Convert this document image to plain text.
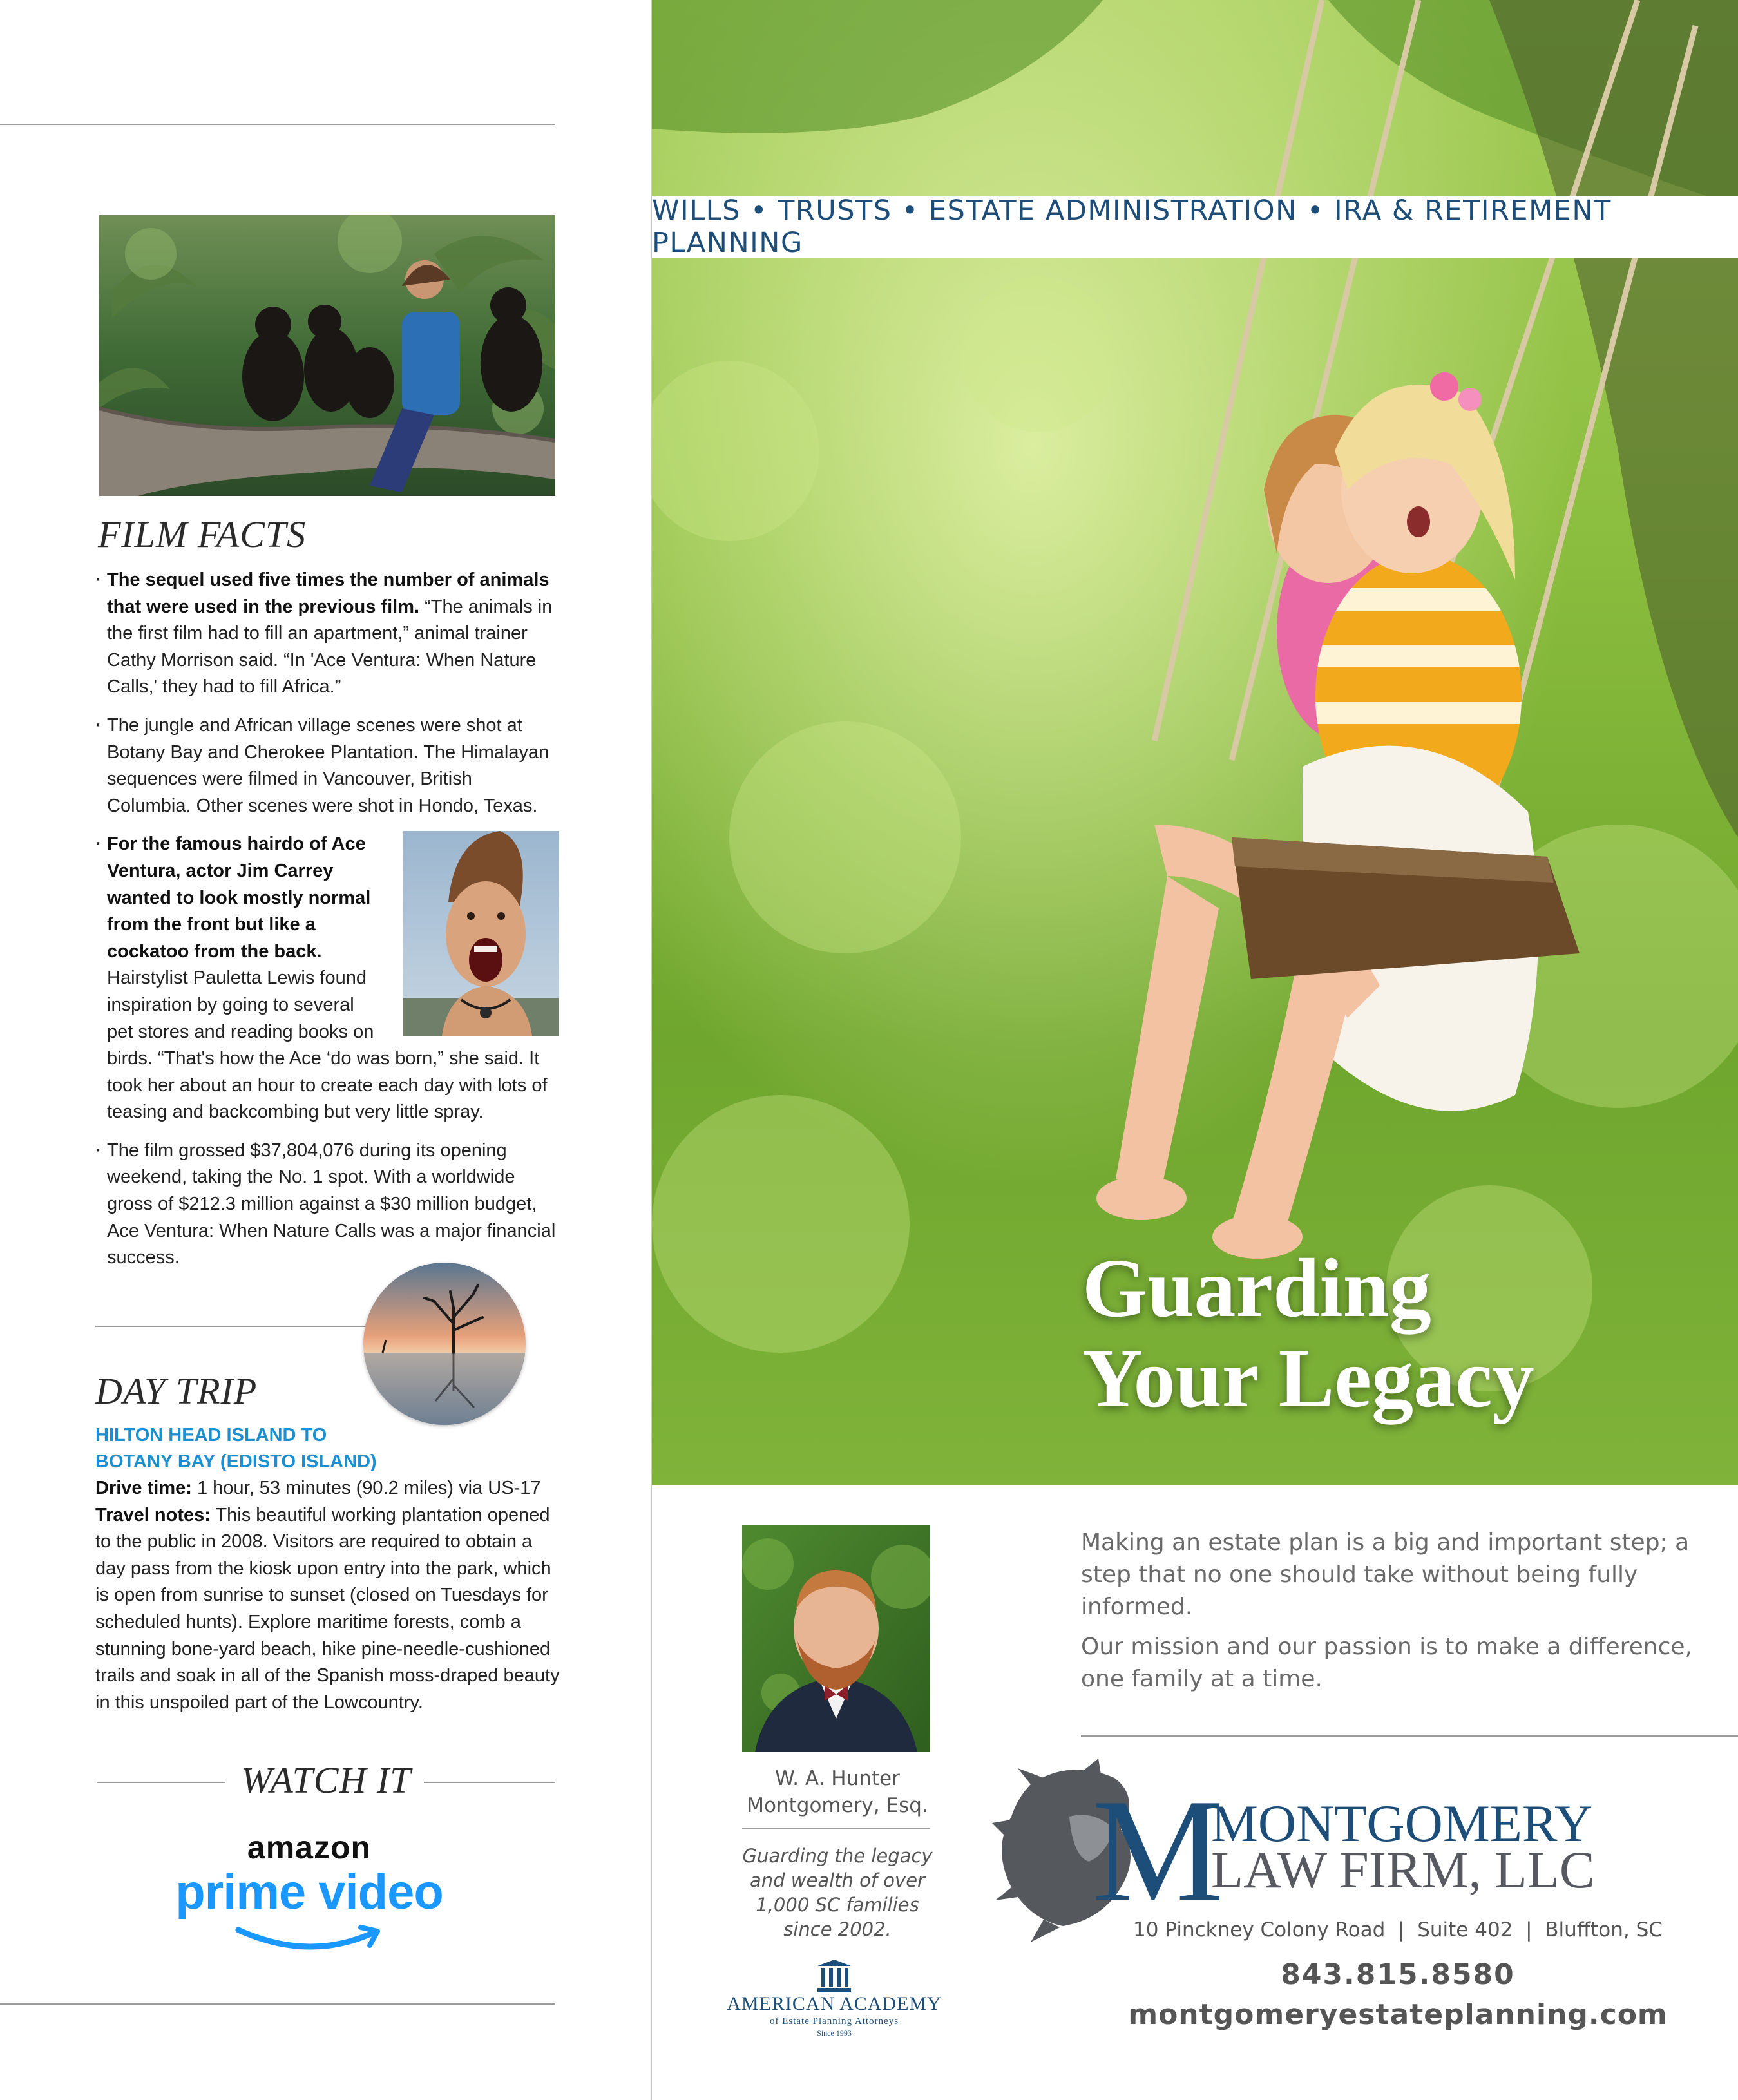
FILM FACTS
· The sequel used five times the number of animals that were used in the previous film. “The animals in the first film had to fill an apartment,” animal trainer Cathy Morrison said. “In 'Ace Ventura: When Nature Calls,' they had to fill Africa.”
· The jungle and African village scenes were shot at Botany Bay and Cherokee Plantation. The Himalayan sequences were filmed in Vancouver, British Columbia. Other scenes were shot in Hondo, Texas.
· For the famous hairdo of Ace Ventura, actor Jim Carrey wanted to look mostly normal from the front but like a cockatoo from the back. Hairstylist Pauletta Lewis found inspiration by going to several pet stores and reading books on birds. “That's how the Ace ‘do was born,” she said. It took her about an hour to create each day with lots of teasing and backcombing but very little spray.
· The film grossed $37,804,076 during its opening weekend, taking the No. 1 spot. With a worldwide gross of $212.3 million against a $30 million budget, Ace Ventura: When Nature Calls was a major financial success.
DAY TRIP
HILTON HEAD ISLAND TO BOTANY BAY (EDISTO ISLAND)
Drive time: 1 hour, 53 minutes (90.2 miles) via US-17
Travel notes: This beautiful working plantation opened to the public in 2008. Visitors are required to obtain a day pass from the kiosk upon entry into the park, which is open from sunrise to sunset (closed on Tuesdays for scheduled hunts). Explore maritime forests, comb a stunning bone-yard beach, hike pine-needle-cushioned trails and soak in all of the Spanish moss-draped beauty in this unspoiled part of the Lowcountry.
WATCH IT
amazon
prime video
WILLS • TRUSTS • ESTATE ADMINISTRATION • IRA & RETIREMENT PLANNING
Guarding
Your Legacy
W. A. Hunter
Montgomery, Esq.
Guarding the legacy and wealth of over 1,000 SC families since 2002.
AMERICAN ACADEMY
of Estate Planning Attorneys
Since 1993

Making an estate plan is a big and important step; a step that no one should take without being fully informed.

Our mission and our passion is to make a difference, one family at a time.

M
MONTGOMERY
LAW FIRM, LLC
10 Pinckney Colony Road  |  Suite 402  |  Bluffton, SC
843.815.8580
montgomeryestateplanning.com
